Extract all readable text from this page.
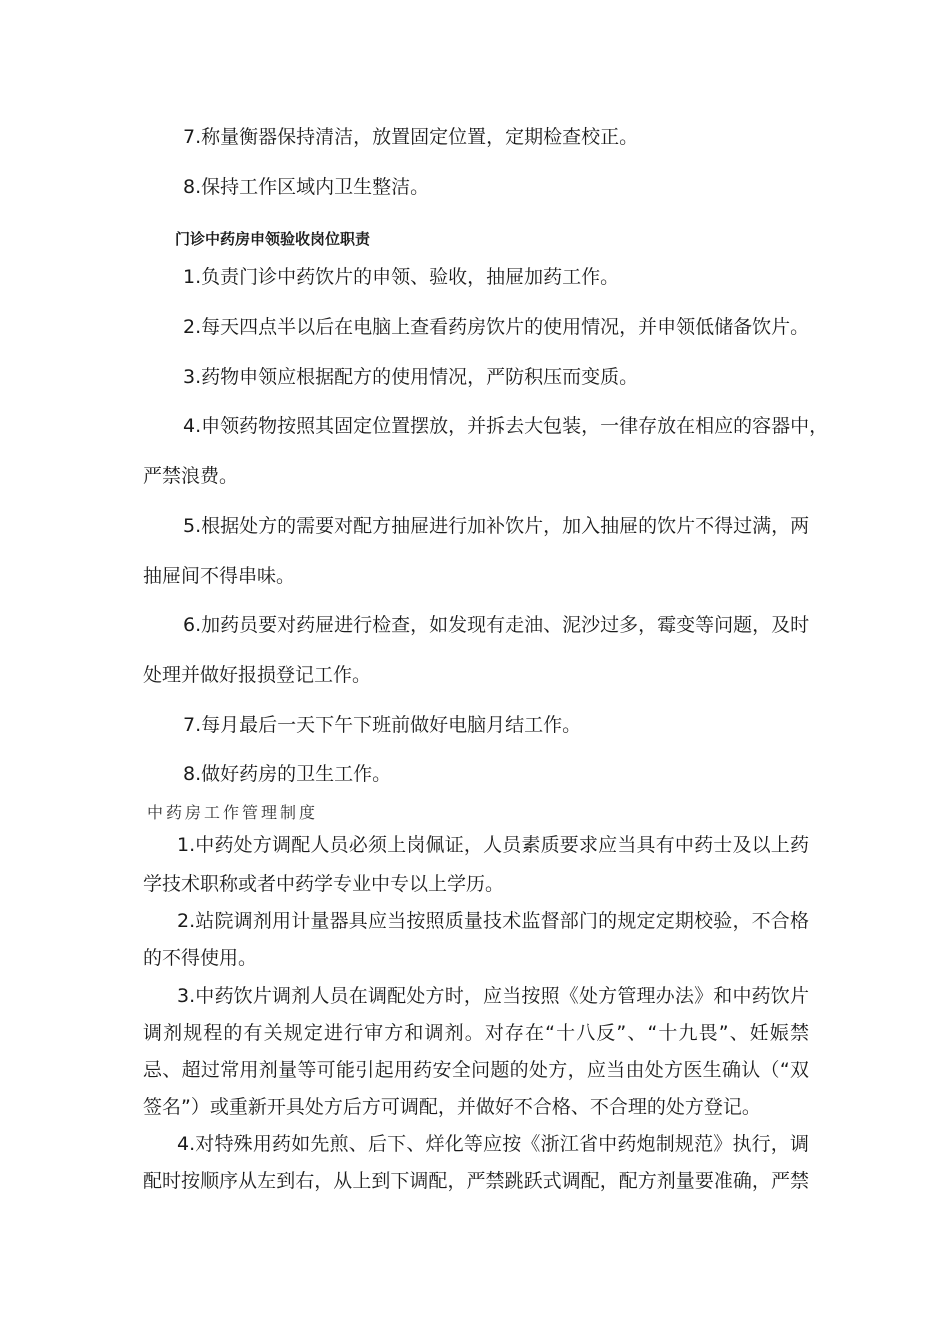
7.称量衡器保持清洁，放置固定位置，定期检查校正。
8.保持工作区域内卫生整洁。
门诊中药房申领验收岗位职责
1.负责门诊中药饮片的申领、验收，抽屉加药工作。
2.每天四点半以后在电脑上查看药房饮片的使用情况，并申领低储备饮片。
3.药物申领应根据配方的使用情况，严防积压而变质。
4.申领药物按照其固定位置摆放，并拆去大包装，一律存放在相应的容器中，
严禁浪费。
5.根据处方的需要对配方抽屉进行加补饮片，加入抽屉的饮片不得过满，两
抽屉间不得串味。
6.加药员要对药屉进行检查，如发现有走油、泥沙过多，霉变等问题，及时
处理并做好报损登记工作。
7.每月最后一天下午下班前做好电脑月结工作。
8.做好药房的卫生工作。
中药房工作管理制度
1.中药处方调配人员必须上岗佩证，人员素质要求应当具有中药士及以上药
学技术职称或者中药学专业中专以上学历。
2.站院调剂用计量器具应当按照质量技术监督部门的规定定期校验，不合格
的不得使用。
3.中药饮片调剂人员在调配处方时，应当按照《处方管理办法》和中药饮片
调剂规程的有关规定进行审方和调剂。对存在“十八反”、“十九畏”、妊娠禁
忌、超过常用剂量等可能引起用药安全问题的处方，应当由处方医生确认（“双
签名”）或重新开具处方后方可调配，并做好不合格、不合理的处方登记。
4.对特殊用药如先煎、后下、烊化等应按《浙江省中药炮制规范》执行，调
配时按顺序从左到右，从上到下调配，严禁跳跃式调配，配方剂量要准确，严禁
